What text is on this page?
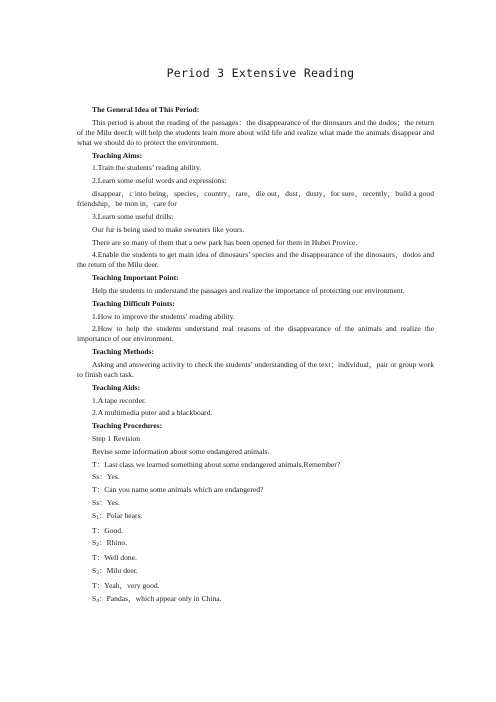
Period 3 Extensive Reading

The General Idea of This Period:

This period is about the reading of the passages：the disappearance of the dinosaurs and the dodos；the return of the Milu deer.It will help the students learn more about wild life and realize what made the animals disappear and what we should do to protect the environment.

Teaching Aims:

1.Train the students’ reading ability.

2.Learn some useful words and expressions:

disappear，c into being，species，country，rare，die out，dust，dusty，for sure，recently，build a good friendship，be mon in，care for

3.Learn some useful drills:

Our fur is being used to make sweaters like yours.

There are so many of them that a new park has been opened for them in Hubei Provice.

4.Enable the students to get main idea of dinosaurs’ species and the disappearance of the dinosaurs，dodos and the return of the Milu deer.

Teaching Important Point:

Help the students to understand the passages and realize the importance of protecting our environment.

Teaching Difficult Points:

1.How to improve the students’ reading ability.

2.How to help the students understand real reasons of the disappearance of the animals and realize the importance of our environment.

Teaching Methods:

Asking and answering activity to check the students’ understanding of the text；individual，pair or group work to finish each task.

Teaching Aids:

1.A tape recorder.

2.A multimedia puter and a blackboard.

Teaching Procedures:

Step 1 Revision

Revise some information about some endangered animals.

T：Last class we learned something about some endangered animals.Remember?

Ss：Yes.

T：Can you name some animals which are endangered?

Ss：Yes.

$S_1$：Polar bears.

T：Good.

$S_2$：Rhino.

T：Well done.

$S_3$：Milu deer.

T：Yeah，very good.

$S_4$：Pandas，which appear only in China.
